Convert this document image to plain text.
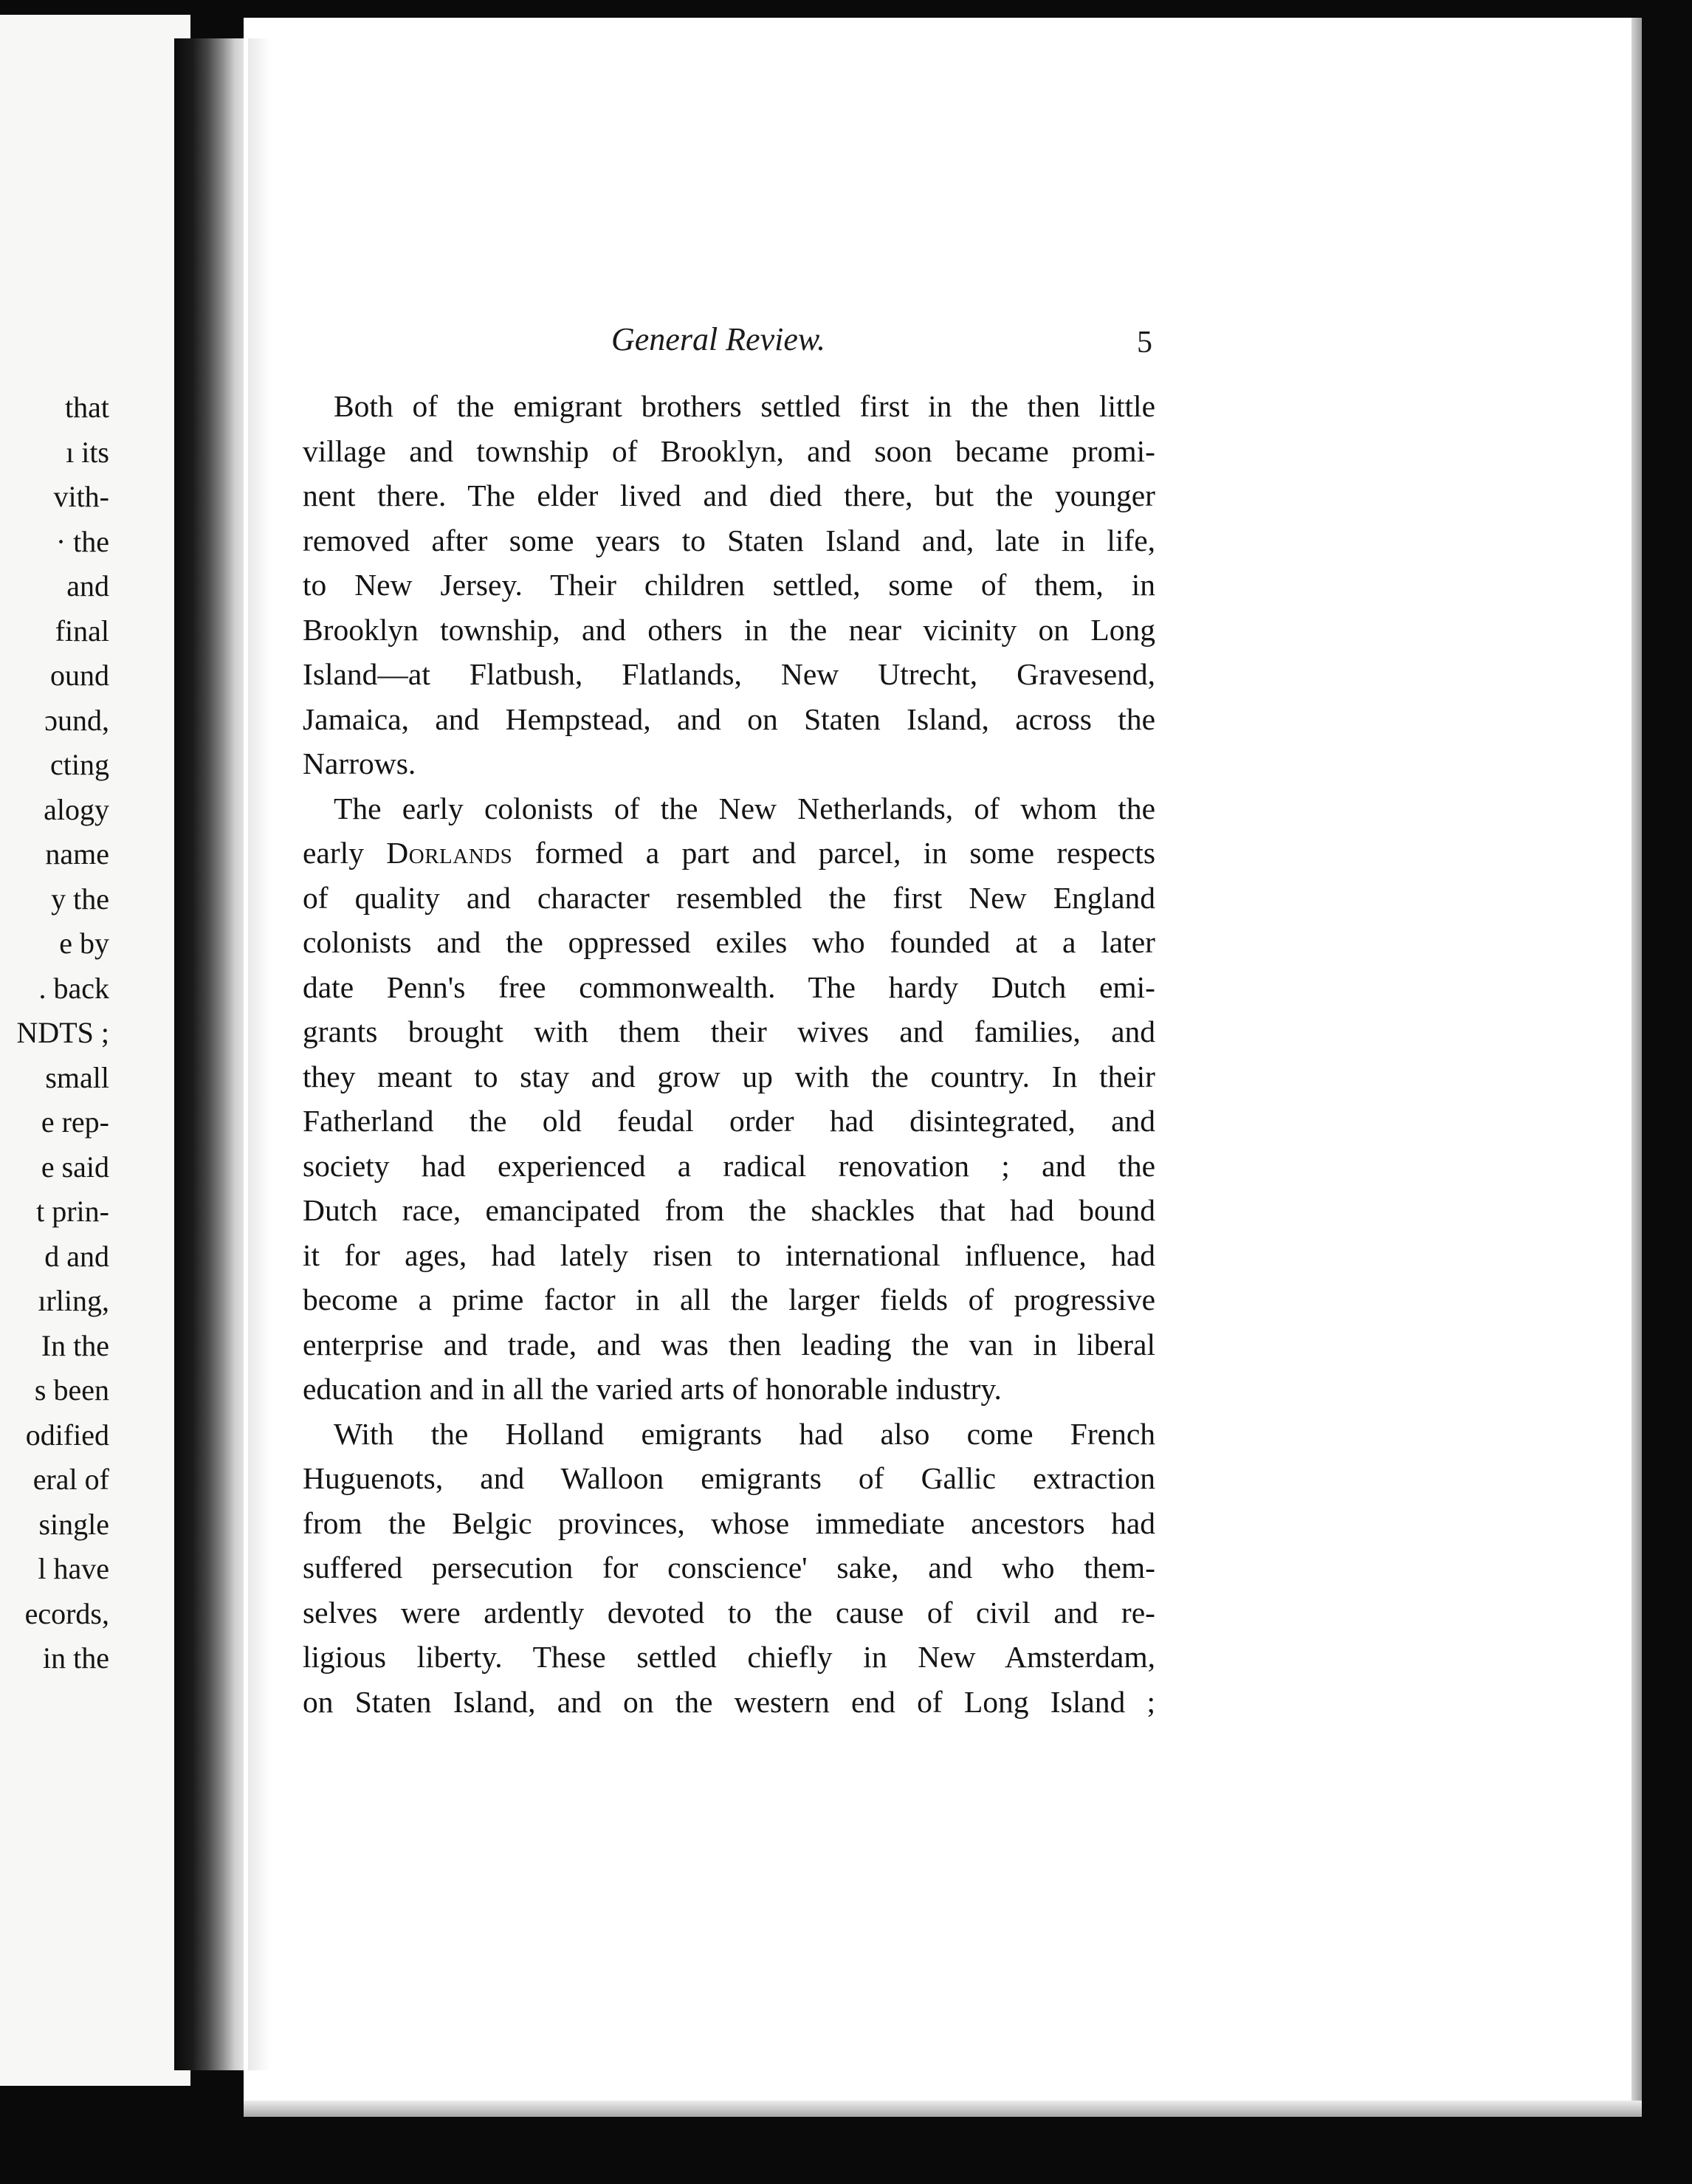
that
ı its
vith-
· the
and
final
ound
ɔund,
cting
alogy
name
y the
e by
. back
NDTS ;
small
e rep-
e said
t prin-
d and
ırling,
In the
s been
odified
eral of
single
l have
ecords,
in the
General Review.	5
Both of the emigrant brothers settled first in the then little
village and township of Brooklyn, and soon became promi-
nent there. The elder lived and died there, but the younger
removed after some years to Staten Island and, late in life,
to New Jersey. Their children settled, some of them, in
Brooklyn township, and others in the near vicinity on Long
Island—at Flatbush, Flatlands, New Utrecht, Gravesend,
Jamaica, and Hempstead, and on Staten Island, across the
Narrows.
The early colonists of the New Netherlands, of whom the
early Dorlands formed a part and parcel, in some respects
of quality and character resembled the first New England
colonists and the oppressed exiles who founded at a later
date Penn's free commonwealth. The hardy Dutch emi-
grants brought with them their wives and families, and
they meant to stay and grow up with the country. In their
Fatherland the old feudal order had disintegrated, and
society had experienced a radical renovation ; and the
Dutch race, emancipated from the shackles that had bound
it for ages, had lately risen to international influence, had
become a prime factor in all the larger fields of progressive
enterprise and trade, and was then leading the van in liberal
education and in all the varied arts of honorable industry.
With the Holland emigrants had also come French
Huguenots, and Walloon emigrants of Gallic extraction
from the Belgic provinces, whose immediate ancestors had
suffered persecution for conscience' sake, and who them-
selves were ardently devoted to the cause of civil and re-
ligious liberty. These settled chiefly in New Amsterdam,
on Staten Island, and on the western end of Long Island ;
